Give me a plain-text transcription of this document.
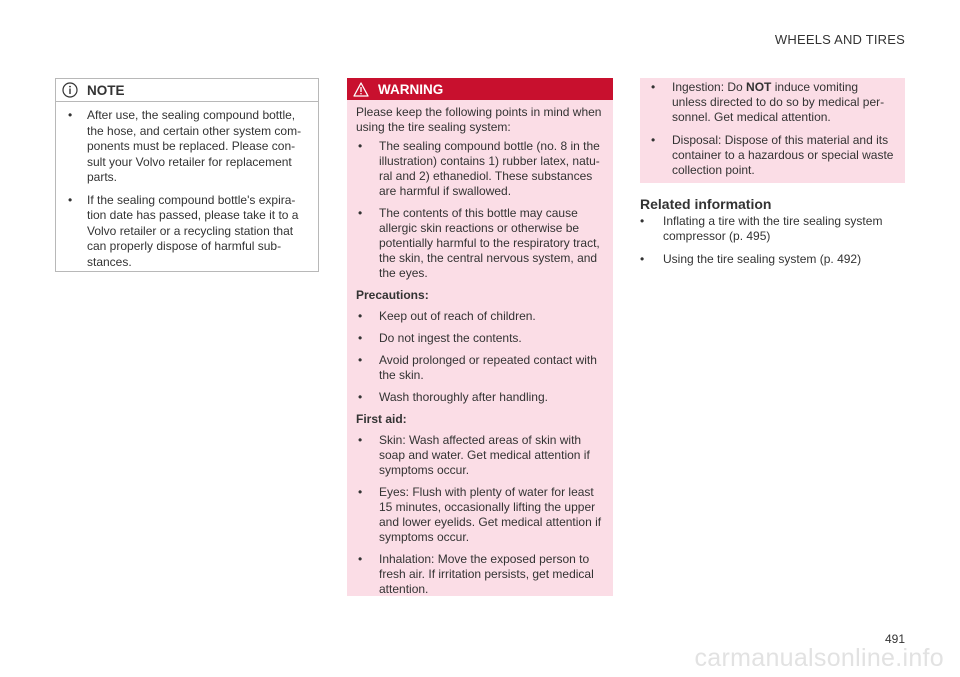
WHEELS AND TIRES
NOTE
• After use, the sealing compound bottle, the hose, and certain other system com-ponents must be replaced. Please con-sult your Volvo retailer for replacement parts.
• If the sealing compound bottle's expira-tion date has passed, please take it to a Volvo retailer or a recycling station that can properly dispose of harmful sub-stances.
WARNING

Please keep the following points in mind when using the tire sealing system:

• The sealing compound bottle (no. 8 in the illustration) contains 1) rubber latex, natu-ral and 2) ethanediol. These substances are harmful if swallowed.
• The contents of this bottle may cause allergic skin reactions or otherwise be potentially harmful to the respiratory tract, the skin, the central nervous system, and the eyes.

Precautions:

• Keep out of reach of children.
• Do not ingest the contents.
• Avoid prolonged or repeated contact with the skin.
• Wash thoroughly after handling.

First aid:

• Skin: Wash affected areas of skin with soap and water. Get medical attention if symptoms occur.
• Eyes: Flush with plenty of water for least 15 minutes, occasionally lifting the upper and lower eyelids. Get medical attention if symptoms occur.
• Inhalation: Move the exposed person to fresh air. If irritation persists, get medical attention.
• Ingestion: Do NOT induce vomiting unless directed to do so by medical per-sonnel. Get medical attention.
• Disposal: Dispose of this material and its container to a hazardous or special waste collection point.

Related information

• Inflating a tire with the tire sealing system compressor (p. 495)
• Using the tire sealing system (p. 492)
491
carmanualsonline.info
